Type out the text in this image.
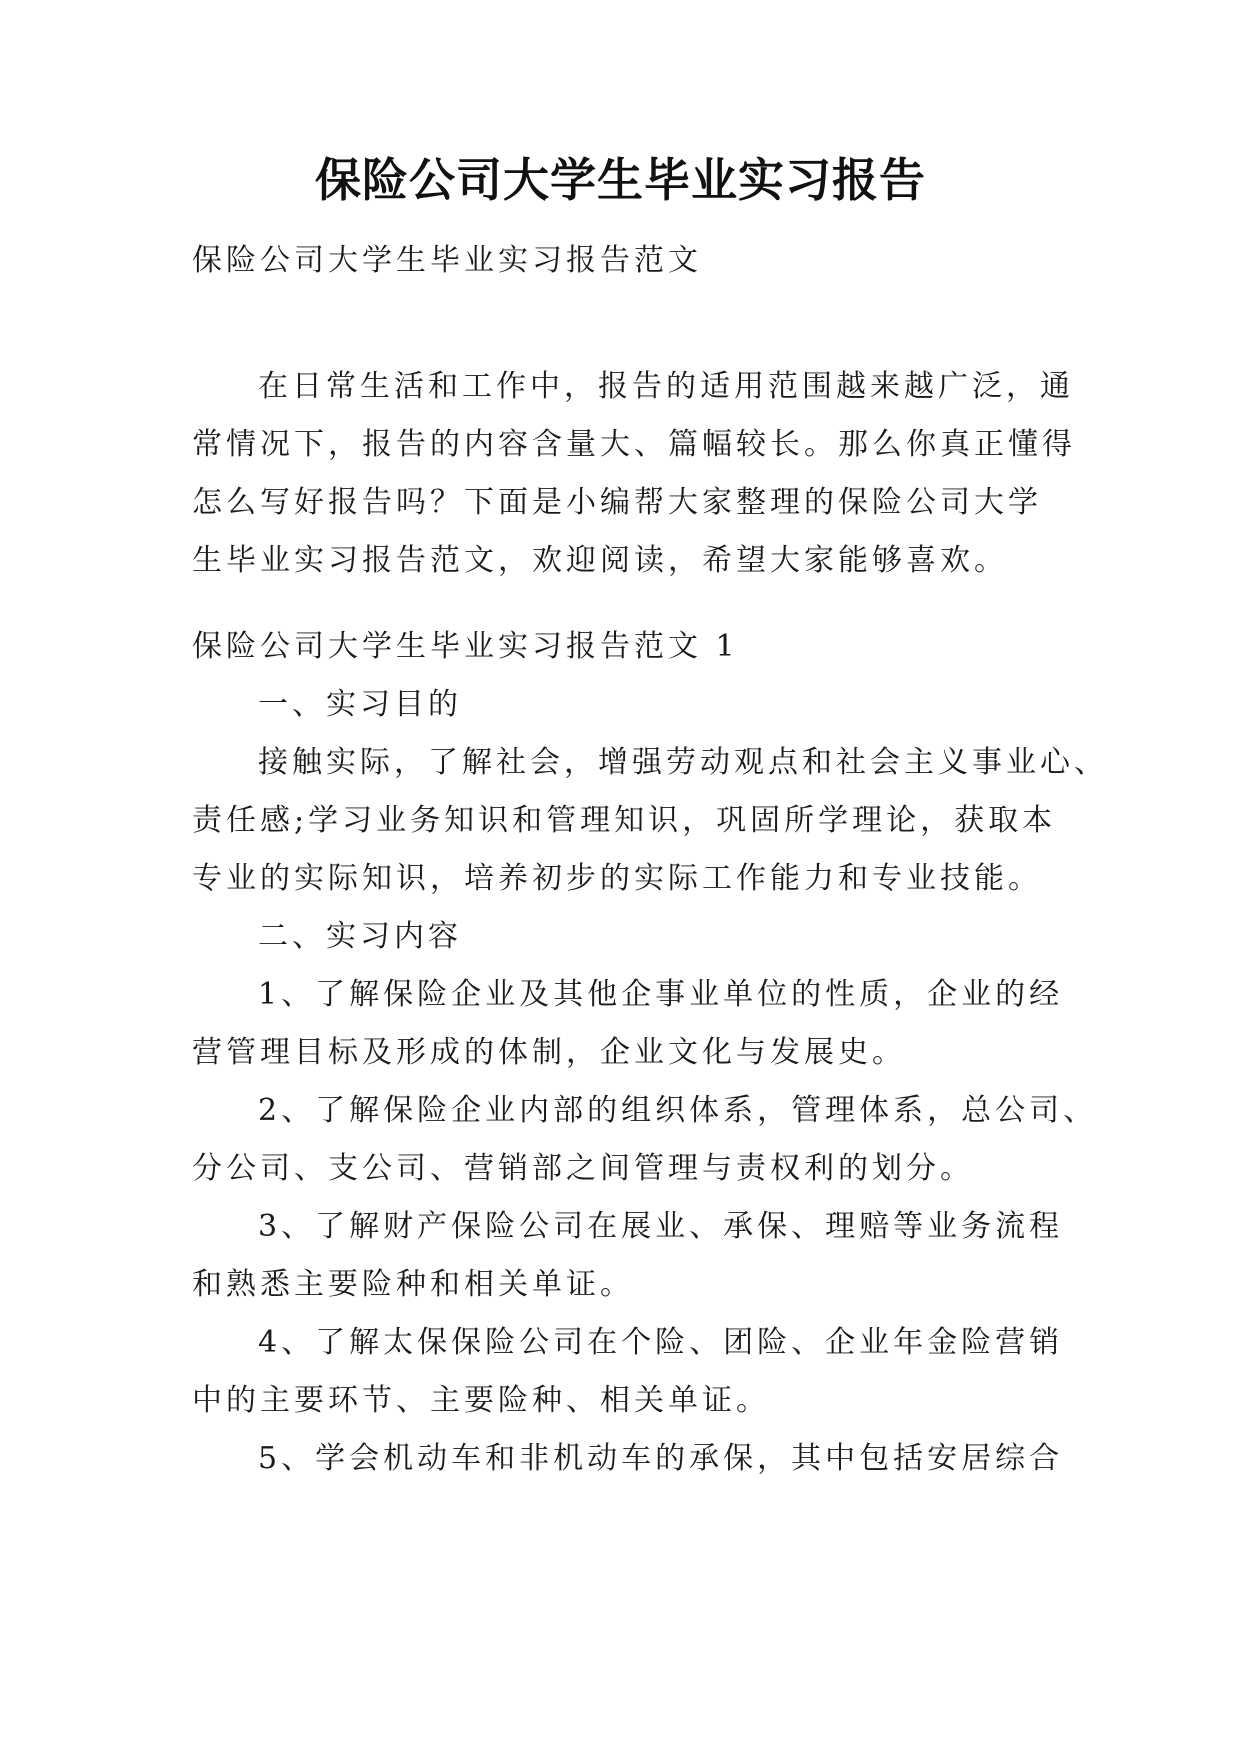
保险公司大学生毕业实习报告
保险公司大学生毕业实习报告范文
在日常生活和工作中，报告的适用范围越来越广泛，通
常情况下，报告的内容含量大、篇幅较长。那么你真正懂得
怎么写好报告吗？下面是小编帮大家整理的保险公司大学
生毕业实习报告范文，欢迎阅读，希望大家能够喜欢。
保险公司大学生毕业实习报告范文 1
一、实习目的
接触实际，了解社会，增强劳动观点和社会主义事业心、
责任感;学习业务知识和管理知识，巩固所学理论，获取本
专业的实际知识，培养初步的实际工作能力和专业技能。
二、实习内容
1、了解保险企业及其他企事业单位的性质，企业的经
营管理目标及形成的体制，企业文化与发展史。
2、了解保险企业内部的组织体系，管理体系，总公司、
分公司、支公司、营销部之间管理与责权利的划分。
3、了解财产保险公司在展业、承保、理赔等业务流程
和熟悉主要险种和相关单证。
4、了解太保保险公司在个险、团险、企业年金险营销
中的主要环节、主要险种、相关单证。
5、学会机动车和非机动车的承保，其中包括安居综合
